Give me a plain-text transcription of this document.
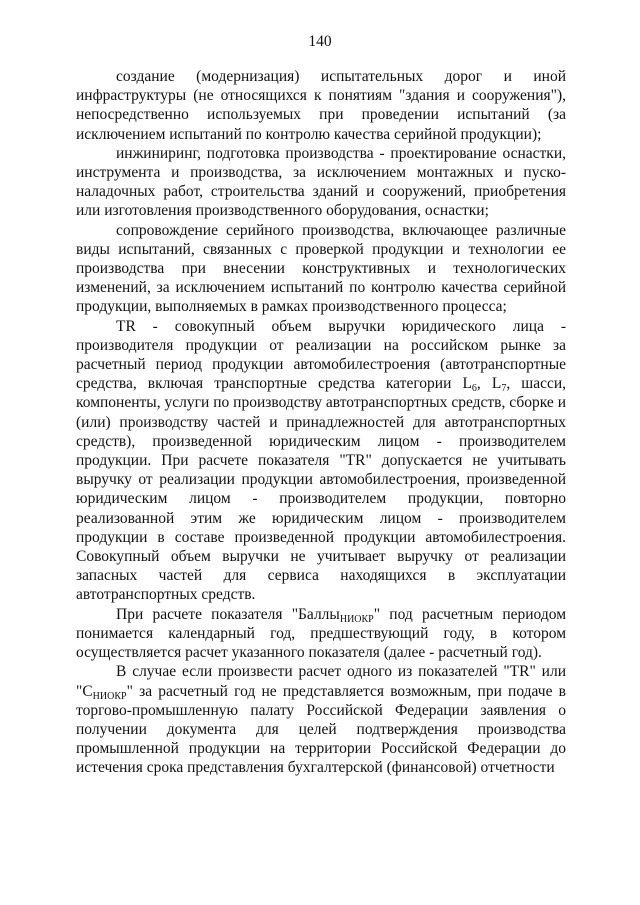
140

создание (модернизация) испытательных дорог и иной инфраструктуры (не относящихся к понятиям "здания и сооружения"), непосредственно используемых при проведении испытаний (за исключением испытаний по контролю качества серийной продукции);

инжиниринг, подготовка производства - проектирование оснастки, инструмента и производства, за исключением монтажных и пуско-наладочных работ, строительства зданий и сооружений, приобретения или изготовления производственного оборудования, оснастки;

сопровождение серийного производства, включающее различные виды испытаний, связанных с проверкой продукции и технологии ее производства при внесении конструктивных и технологических изменений, за исключением испытаний по контролю качества серийной продукции, выполняемых в рамках производственного процесса;

TR - совокупный объем выручки юридического лица - производителя продукции от реализации на российском рынке за расчетный период продукции автомобилестроения (автотранспортные средства, включая транспортные средства категории $L_6$, $L_7$, шасси, компоненты, услуги по производству автотранспортных средств, сборке и (или) производству частей и принадлежностей для автотранспортных средств), произведенной юридическим лицом - производителем продукции. При расчете показателя "TR" допускается не учитывать выручку от реализации продукции автомобилестроения, произведенной юридическим лицом - производителем продукции, повторно реализованной этим же юридическим лицом - производителем продукции в составе произведенной продукции автомобилестроения. Совокупный объем выручки не учитывает выручку от реализации запасных частей для сервиса находящихся в эксплуатации автотранспортных средств.

При расчете показателя "Баллы$_{НИОКР}$" под расчетным периодом понимается календарный год, предшествующий году, в котором осуществляется расчет указанного показателя (далее - расчетный год).

В случае если произвести расчет одного из показателей "TR" или "$C_{НИОКР}$" за расчетный год не представляется возможным, при подаче в торгово-промышленную палату Российской Федерации заявления о получении документа для целей подтверждения производства промышленной продукции на территории Российской Федерации до истечения срока представления бухгалтерской (финансовой) отчетности
